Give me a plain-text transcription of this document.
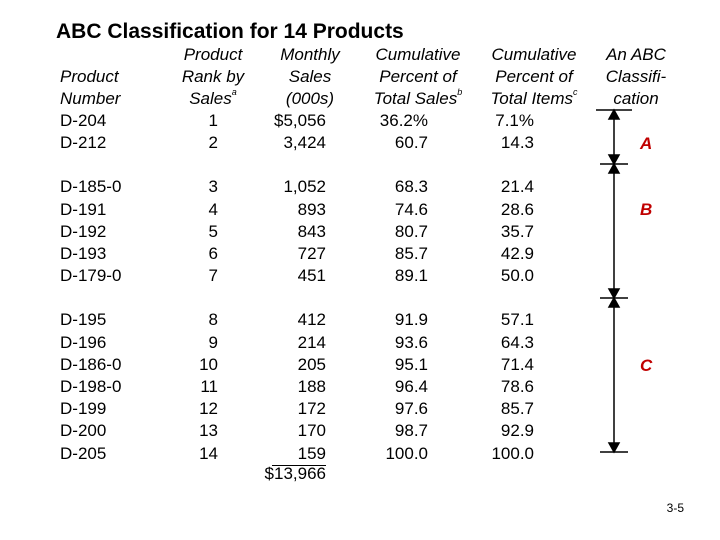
ABC Classification for 14 Products
Product
Number
Product
Rank by
Sales$^a$
Monthly
Sales
(000s)
Cumulative
Percent of
Total Sales$^b$
Cumulative
Percent of
Total Items$^c$
An ABC
Classifi-
cation
D-204
D-212
D-185-0
D-191
D-192
D-193
D-179-0
D-195
D-196
D-186-0
D-198-0
D-199
D-200
D-205
1
2
3
4
5
6
7
8
9
10
11
12
13
14
$5,056
3,424
1,052
893
843
727
451
412
214
205
188
172
170
159
36.2%
60.7
68.3
74.6
80.7
85.7
89.1
91.9
93.6
95.1
96.4
97.6
98.7
100.0
7.1%
14.3
21.4
28.6
35.7
42.9
50.0
57.1
64.3
71.4
78.6
85.7
92.9
100.0
$13,966
A
B
C
3-5
